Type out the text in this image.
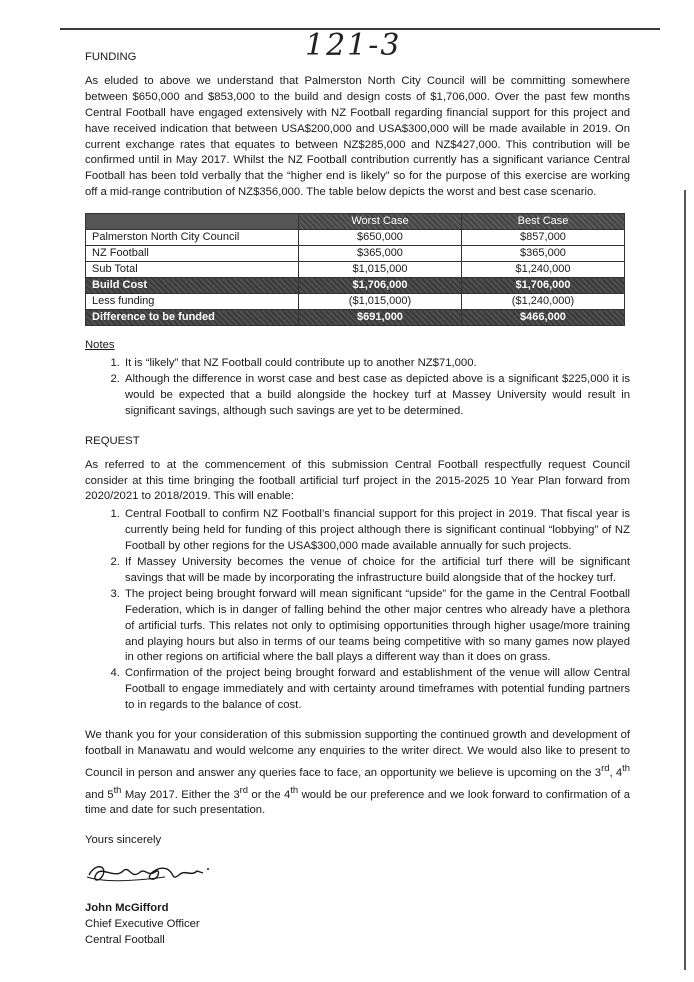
121-3

FUNDING

As eluded to above we understand that Palmerston North City Council will be committing somewhere between $650,000 and $853,000 to the build and design costs of $1,706,000. Over the past few months Central Football have engaged extensively with NZ Football regarding financial support for this project and have received indication that between USA$200,000 and USA$300,000 will be made available in 2019. On current exchange rates that equates to between NZ$285,000 and NZ$427,000. This contribution will be confirmed until in May 2017. Whilst the NZ Football contribution currently has a significant variance Central Football has been told verbally that the “higher end is likely” so for the purpose of this exercise are working off a mid-range contribution of NZ$356,000. The table below depicts the worst and best case scenario.

	Worst Case	Best Case
Palmerston North City Council	$650,000	$857,000
NZ Football	$365,000	$365,000
Sub Total	$1,015,000	$1,240,000
Build Cost	$1,706,000	$1,706,000
Less funding	($1,015,000)	($1,240,000)
Difference to be funded	$691,000	$466,000

Notes

1. It is “likely” that NZ Football could contribute up to another NZ$71,000.
2. Although the difference in worst case and best case as depicted above is a significant $225,000 it is would be expected that a build alongside the hockey turf at Massey University would result in significant savings, although such savings are yet to be determined.

REQUEST

As referred to at the commencement of this submission Central Football respectfully request Council consider at this time bringing the football artificial turf project in the 2015-2025 10 Year Plan forward from 2020/2021 to 2018/2019. This will enable:

1. Central Football to confirm NZ Football’s financial support for this project in 2019. That fiscal year is currently being held for funding of this project although there is significant continual “lobbying” of NZ Football by other regions for the USA$300,000 made available annually for such projects.
2. If Massey University becomes the venue of choice for the artificial turf there will be significant savings that will be made by incorporating the infrastructure build alongside that of the hockey turf.
3. The project being brought forward will mean significant “upside” for the game in the Central Football Federation, which is in danger of falling behind the other major centres who already have a plethora of artificial turfs. This relates not only to optimising opportunities through higher usage/more training and playing hours but also in terms of our teams being competitive with so many games now played in other regions on artificial where the ball plays a different way than it does on grass.
4. Confirmation of the project being brought forward and establishment of the venue will allow Central Football to engage immediately and with certainty around timeframes with potential funding partners to in regards to the balance of cost.

We thank you for your consideration of this submission supporting the continued growth and development of football in Manawatu and would welcome any enquiries to the writer direct. We would also like to present to Council in person and answer any queries face to face, an opportunity we believe is upcoming on the 3rd, 4th and 5th May 2017. Either the 3rd or the 4th would be our preference and we look forward to confirmation of a time and date for such presentation.

Yours sincerely

John McGifford

Chief Executive Officer

Central Football
